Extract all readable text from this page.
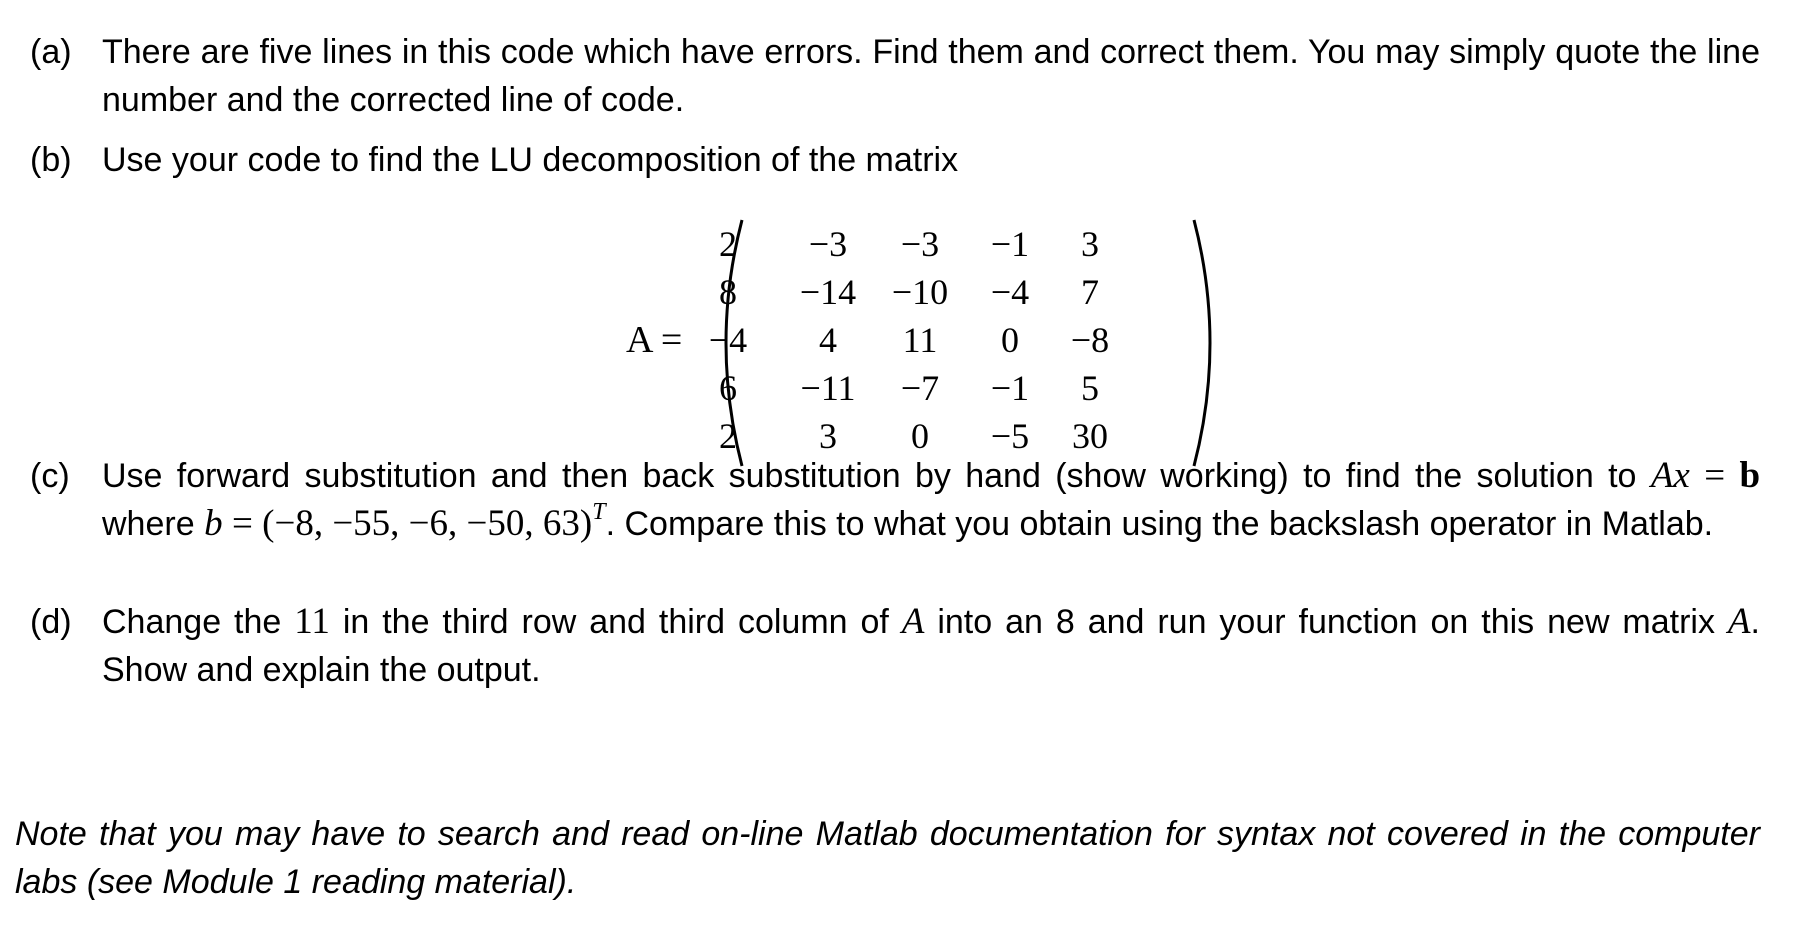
(a) There are five lines in this code which have errors. Find them and correct them. You may simply quote the line number and the corrected line of code.
(b) Use your code to find the LU decomposition of the matrix
A =
2	−3	−3	−1	3
8	−14 −10	−4	7
−4	4	11	0	−8
6	−11	−7	−1	5
2	3	0	−5	30
(c) Use forward substitution and then back substitution by hand (show working) to find the solution to Ax = b where b = (−8, −55, −6, −50, 63)$^T$. Compare this to what you obtain using the backslash operator in Matlab.
(d) Change the 11 in the third row and third column of A into an 8 and run your function on this new matrix A. Show and explain the output.
Note that you may have to search and read on-line Matlab documentation for syntax not covered in the computer labs (see Module 1 reading material).
